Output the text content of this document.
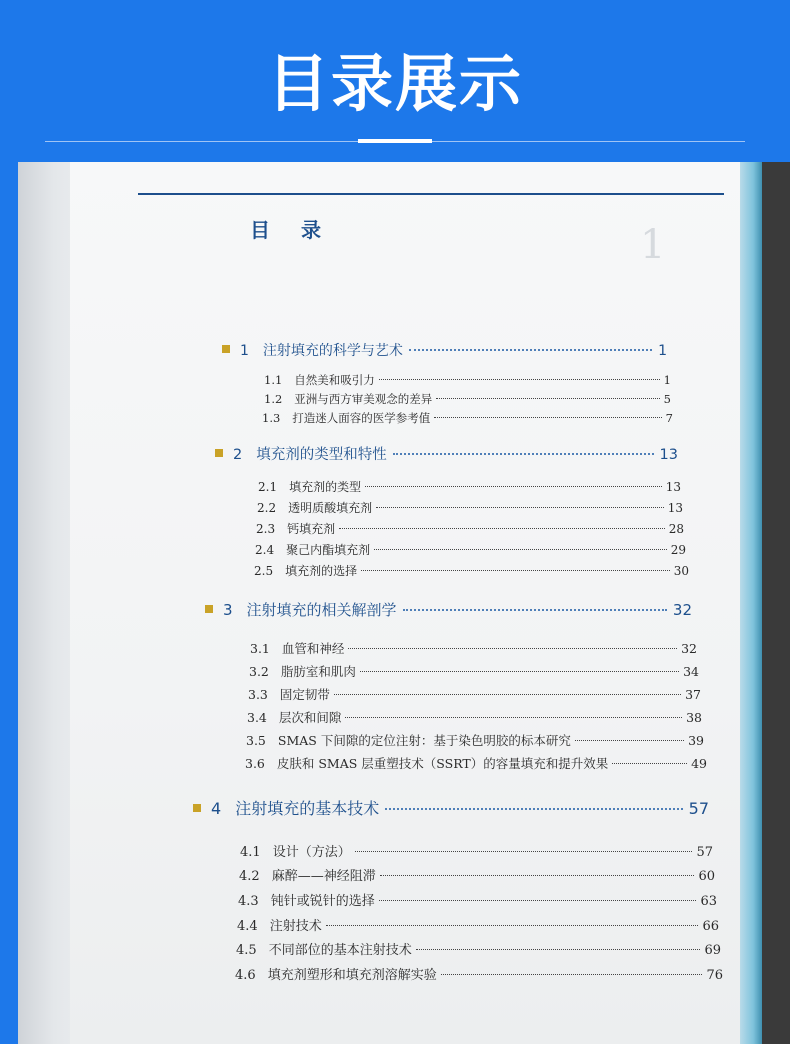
目录展示
1
目 录
1 注射填充的科学与艺术	1
1.1 自然美和吸引力	1
1.2 亚洲与西方审美观念的差异	5
1.3 打造迷人面容的医学参考值	7
2 填充剂的类型和特性	13
2.1 填充剂的类型	13
2.2 透明质酸填充剂	13
2.3 钙填充剂	28
2.4 聚己内酯填充剂	29
2.5 填充剂的选择	30
3 注射填充的相关解剖学	32
3.1 血管和神经	32
3.2 脂肪室和肌肉	34
3.3 固定韧带	37
3.4 层次和间隙	38
3.5 SMAS 下间隙的定位注射：基于染色明胶的标本研究	39
3.6 皮肤和 SMAS 层重塑技术（SSRT）的容量填充和提升效果	49
4 注射填充的基本技术	57
4.1 设计（方法）	57
4.2 麻醉——神经阻滞	60
4.3 钝针或锐针的选择	63
4.4 注射技术	66
4.5 不同部位的基本注射技术	69
4.6 填充剂塑形和填充剂溶解实验	76
